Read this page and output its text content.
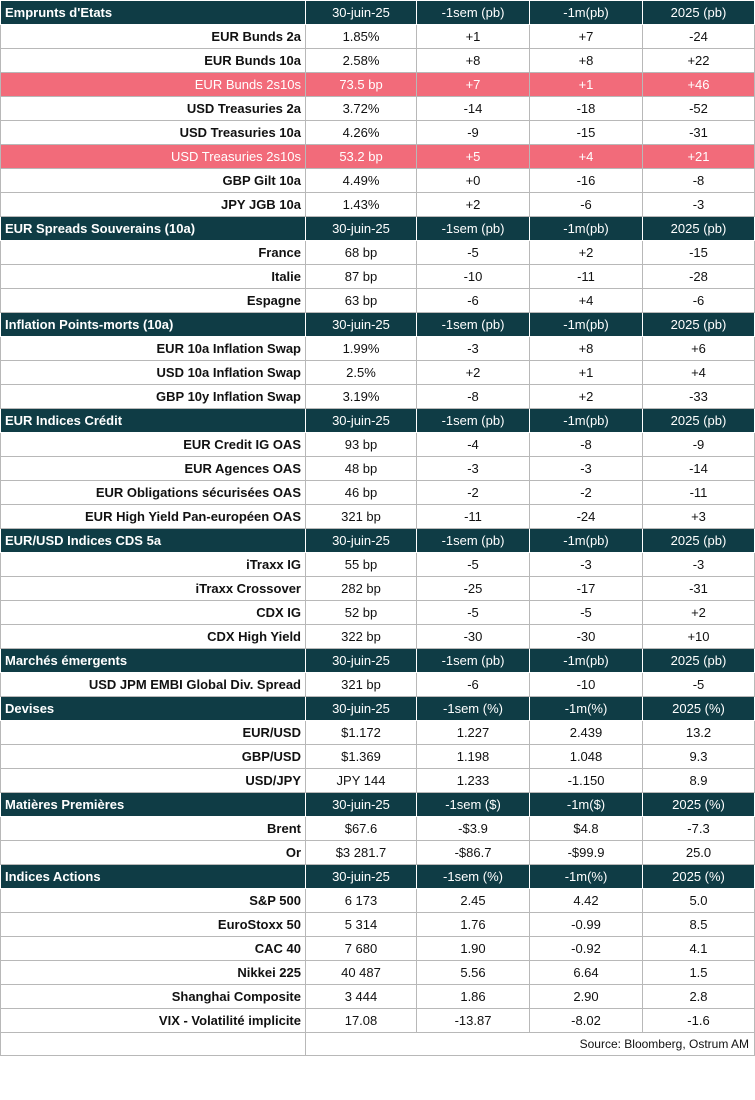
Emprunts d'Etats	30-juin-25	-1sem (pb)	-1m(pb)	2025 (pb)
EUR Bunds 2a	1.85%	+1	+7	-24
EUR Bunds 10a	2.58%	+8	+8	+22
EUR Bunds 2s10s	73.5 bp	+7	+1	+46
USD Treasuries 2a	3.72%	-14	-18	-52
USD Treasuries 10a	4.26%	-9	-15	-31
USD Treasuries 2s10s	53.2 bp	+5	+4	+21
GBP Gilt 10a	4.49%	+0	-16	-8
JPY JGB 10a	1.43%	+2	-6	-3
EUR Spreads Souverains (10a)	30-juin-25	-1sem (pb)	-1m(pb)	2025 (pb)
France	68 bp	-5	+2	-15
Italie	87 bp	-10	-11	-28
Espagne	63 bp	-6	+4	-6
Inflation Points-morts (10a)	30-juin-25	-1sem (pb)	-1m(pb)	2025 (pb)
EUR 10a Inflation Swap	1.99%	-3	+8	+6
USD 10a Inflation Swap	2.5%	+2	+1	+4
GBP 10y Inflation Swap	3.19%	-8	+2	-33
EUR Indices Crédit	30-juin-25	-1sem (pb)	-1m(pb)	2025 (pb)
EUR Credit IG OAS	93 bp	-4	-8	-9
EUR Agences OAS	48 bp	-3	-3	-14
EUR Obligations sécurisées OAS	46 bp	-2	-2	-11
EUR High Yield Pan-européen OAS	321 bp	-11	-24	+3
EUR/USD Indices CDS 5a	30-juin-25	-1sem (pb)	-1m(pb)	2025 (pb)
iTraxx IG	55 bp	-5	-3	-3
iTraxx Crossover	282 bp	-25	-17	-31
CDX IG	52 bp	-5	-5	+2
CDX High Yield	322 bp	-30	-30	+10
Marchés émergents	30-juin-25	-1sem (pb)	-1m(pb)	2025 (pb)
USD JPM EMBI Global Div. Spread	321 bp	-6	-10	-5
Devises	30-juin-25	-1sem (%)	-1m(%)	2025 (%)
EUR/USD	$1.172	1.227	2.439	13.2
GBP/USD	$1.369	1.198	1.048	9.3
USD/JPY	JPY 144	1.233	-1.150	8.9
Matières Premières	30-juin-25	-1sem ($)	-1m($)	2025 (%)
Brent	$67.6	-$3.9	$4.8	-7.3
Or	$3 281.7	-$86.7	-$99.9	25.0
Indices Actions	30-juin-25	-1sem (%)	-1m(%)	2025 (%)
S&P 500	6 173	2.45	4.42	5.0
EuroStoxx 50	5 314	1.76	-0.99	8.5
CAC 40	7 680	1.90	-0.92	4.1
Nikkei 225	40 487	5.56	6.64	1.5
Shanghai Composite	3 444	1.86	2.90	2.8
VIX - Volatilité implicite	17.08	-13.87	-8.02	-1.6
	Source: Bloomberg, Ostrum AM			
